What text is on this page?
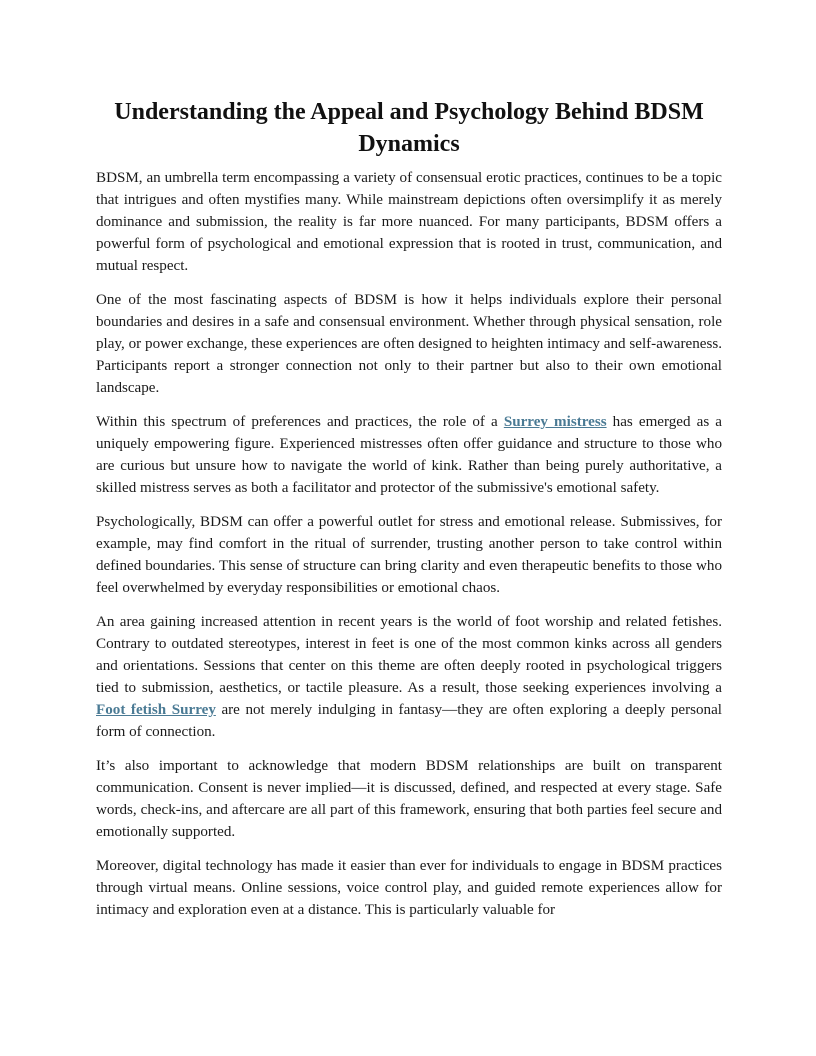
Understanding the Appeal and Psychology Behind BDSM Dynamics

BDSM, an umbrella term encompassing a variety of consensual erotic practices, continues to be a topic that intrigues and often mystifies many. While mainstream depictions often oversimplify it as merely dominance and submission, the reality is far more nuanced. For many participants, BDSM offers a powerful form of psychological and emotional expression that is rooted in trust, communication, and mutual respect.

One of the most fascinating aspects of BDSM is how it helps individuals explore their personal boundaries and desires in a safe and consensual environment. Whether through physical sensation, role play, or power exchange, these experiences are often designed to heighten intimacy and self-awareness. Participants report a stronger connection not only to their partner but also to their own emotional landscape.

Within this spectrum of preferences and practices, the role of a Surrey mistress has emerged as a uniquely empowering figure. Experienced mistresses often offer guidance and structure to those who are curious but unsure how to navigate the world of kink. Rather than being purely authoritative, a skilled mistress serves as both a facilitator and protector of the submissive's emotional safety.

Psychologically, BDSM can offer a powerful outlet for stress and emotional release. Submissives, for example, may find comfort in the ritual of surrender, trusting another person to take control within defined boundaries. This sense of structure can bring clarity and even therapeutic benefits to those who feel overwhelmed by everyday responsibilities or emotional chaos.

An area gaining increased attention in recent years is the world of foot worship and related fetishes. Contrary to outdated stereotypes, interest in feet is one of the most common kinks across all genders and orientations. Sessions that center on this theme are often deeply rooted in psychological triggers tied to submission, aesthetics, or tactile pleasure. As a result, those seeking experiences involving a Foot fetish Surrey are not merely indulging in fantasy—they are often exploring a deeply personal form of connection.

It’s also important to acknowledge that modern BDSM relationships are built on transparent communication. Consent is never implied—it is discussed, defined, and respected at every stage. Safe words, check-ins, and aftercare are all part of this framework, ensuring that both parties feel secure and emotionally supported.

Moreover, digital technology has made it easier than ever for individuals to engage in BDSM practices through virtual means. Online sessions, voice control play, and guided remote experiences allow for intimacy and exploration even at a distance. This is particularly valuable for
